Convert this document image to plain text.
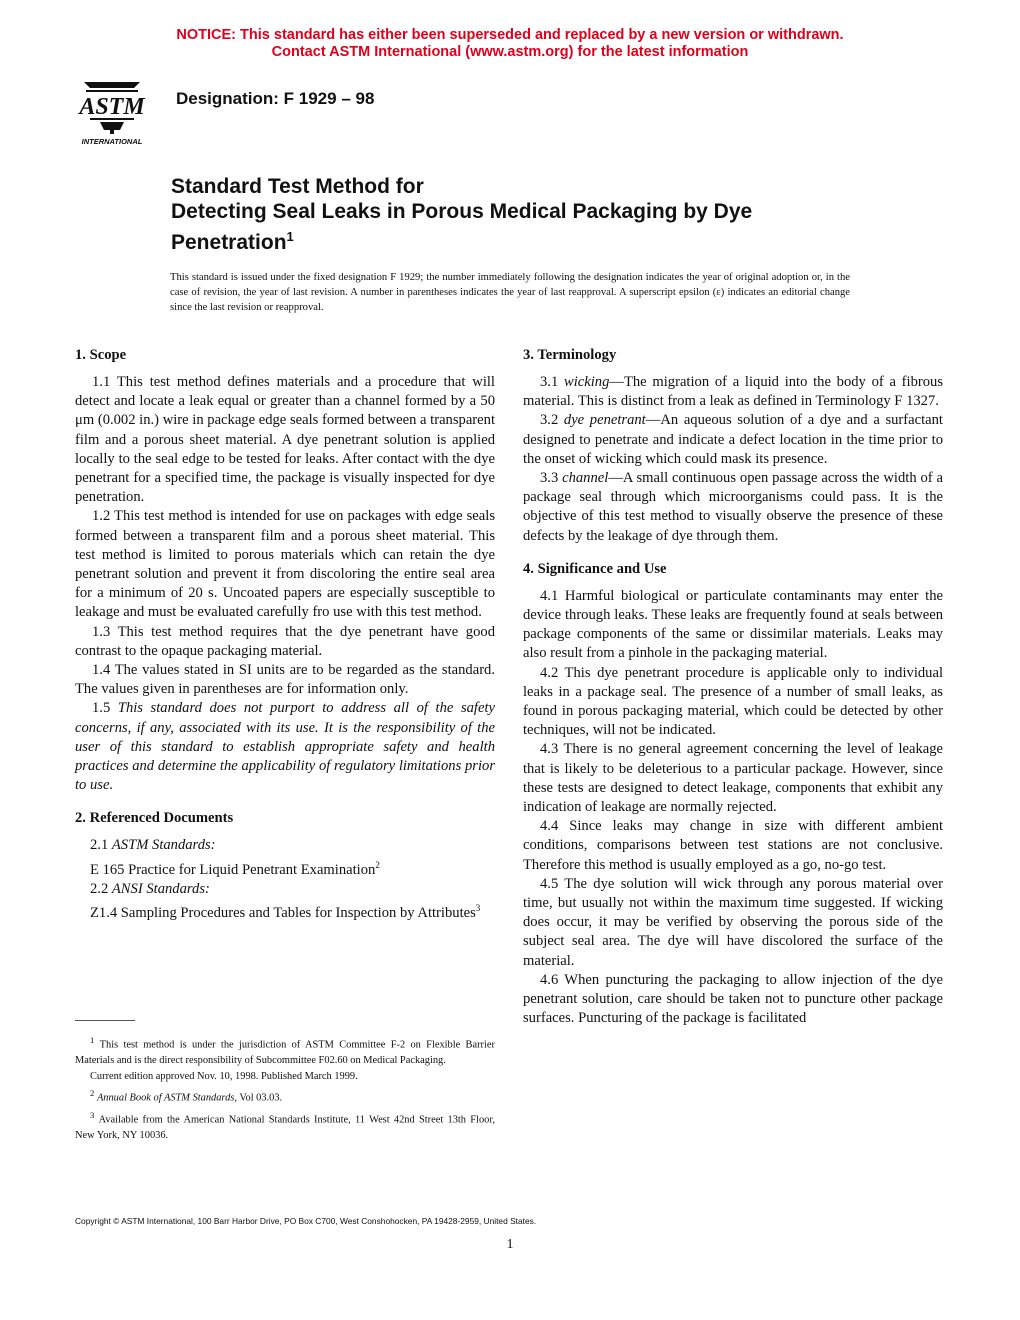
NOTICE: This standard has either been superseded and replaced by a new version or withdrawn.
Contact ASTM International (www.astm.org) for the latest information
ASTM
INTERNATIONAL
Designation: F 1929 – 98
Standard Test Method for
Detecting Seal Leaks in Porous Medical Packaging by Dye
Penetration$^1$
This standard is issued under the fixed designation F 1929; the number immediately following the designation indicates the year of original adoption or, in the case of revision, the year of last revision. A number in parentheses indicates the year of last reapproval. A superscript epsilon (ε) indicates an editorial change since the last revision or reapproval.
1. Scope

1.1 This test method defines materials and a procedure that will detect and locate a leak equal or greater than a channel formed by a 50 μm (0.002 in.) wire in package edge seals formed between a transparent film and a porous sheet material. A dye penetrant solution is applied locally to the seal edge to be tested for leaks. After contact with the dye penetrant for a specified time, the package is visually inspected for dye penetration.

1.2 This test method is intended for use on packages with edge seals formed between a transparent film and a porous sheet material. This test method is limited to porous materials which can retain the dye penetrant solution and prevent it from discoloring the entire seal area for a minimum of 20 s. Uncoated papers are especially susceptible to leakage and must be evaluated carefully fro use with this test method.

1.3 This test method requires that the dye penetrant have good contrast to the opaque packaging material.

1.4 The values stated in SI units are to be regarded as the standard. The values given in parentheses are for information only.

1.5 This standard does not purport to address all of the safety concerns, if any, associated with its use. It is the responsibility of the user of this standard to establish appropriate safety and health practices and determine the applicability of regulatory limitations prior to use.

2. Referenced Documents

2.1 ASTM Standards:

E 165 Practice for Liquid Penetrant Examination$^2$

2.2 ANSI Standards:

Z1.4 Sampling Procedures and Tables for Inspection by Attributes$^3$

$^1$ This test method is under the jurisdiction of ASTM Committee F-2 on Flexible Barrier Materials and is the direct responsibility of Subcommittee F02.60 on Medical Packaging.

Current edition approved Nov. 10, 1998. Published March 1999.

$^2$ Annual Book of ASTM Standards, Vol 03.03.

$^3$ Available from the American National Standards Institute, 11 West 42nd Street 13th Floor, New York, NY 10036.

3. Terminology

3.1 wicking—The migration of a liquid into the body of a fibrous material. This is distinct from a leak as defined in Terminology F 1327.

3.2 dye penetrant—An aqueous solution of a dye and a surfactant designed to penetrate and indicate a defect location in the time prior to the onset of wicking which could mask its presence.

3.3 channel—A small continuous open passage across the width of a package seal through which microorganisms could pass. It is the objective of this test method to visually observe the presence of these defects by the leakage of dye through them.

4. Significance and Use

4.1 Harmful biological or particulate contaminants may enter the device through leaks. These leaks are frequently found at seals between package components of the same or dissimilar materials. Leaks may also result from a pinhole in the packaging material.

4.2 This dye penetrant procedure is applicable only to individual leaks in a package seal. The presence of a number of small leaks, as found in porous packaging material, which could be detected by other techniques, will not be indicated.

4.3 There is no general agreement concerning the level of leakage that is likely to be deleterious to a particular package. However, since these tests are designed to detect leakage, components that exhibit any indication of leakage are normally rejected.

4.4 Since leaks may change in size with different ambient conditions, comparisons between test stations are not conclusive. Therefore this method is usually employed as a go, no-go test.

4.5 The dye solution will wick through any porous material over time, but usually not within the maximum time suggested. If wicking does occur, it may be verified by observing the porous side of the subject seal area. The dye will have discolored the surface of the material.

4.6 When puncturing the packaging to allow injection of the dye penetrant solution, care should be taken not to puncture other package surfaces. Puncturing of the package is facilitated

Copyright © ASTM International, 100 Barr Harbor Drive, PO Box C700, West Conshohocken, PA 19428-2959, United States.
1
